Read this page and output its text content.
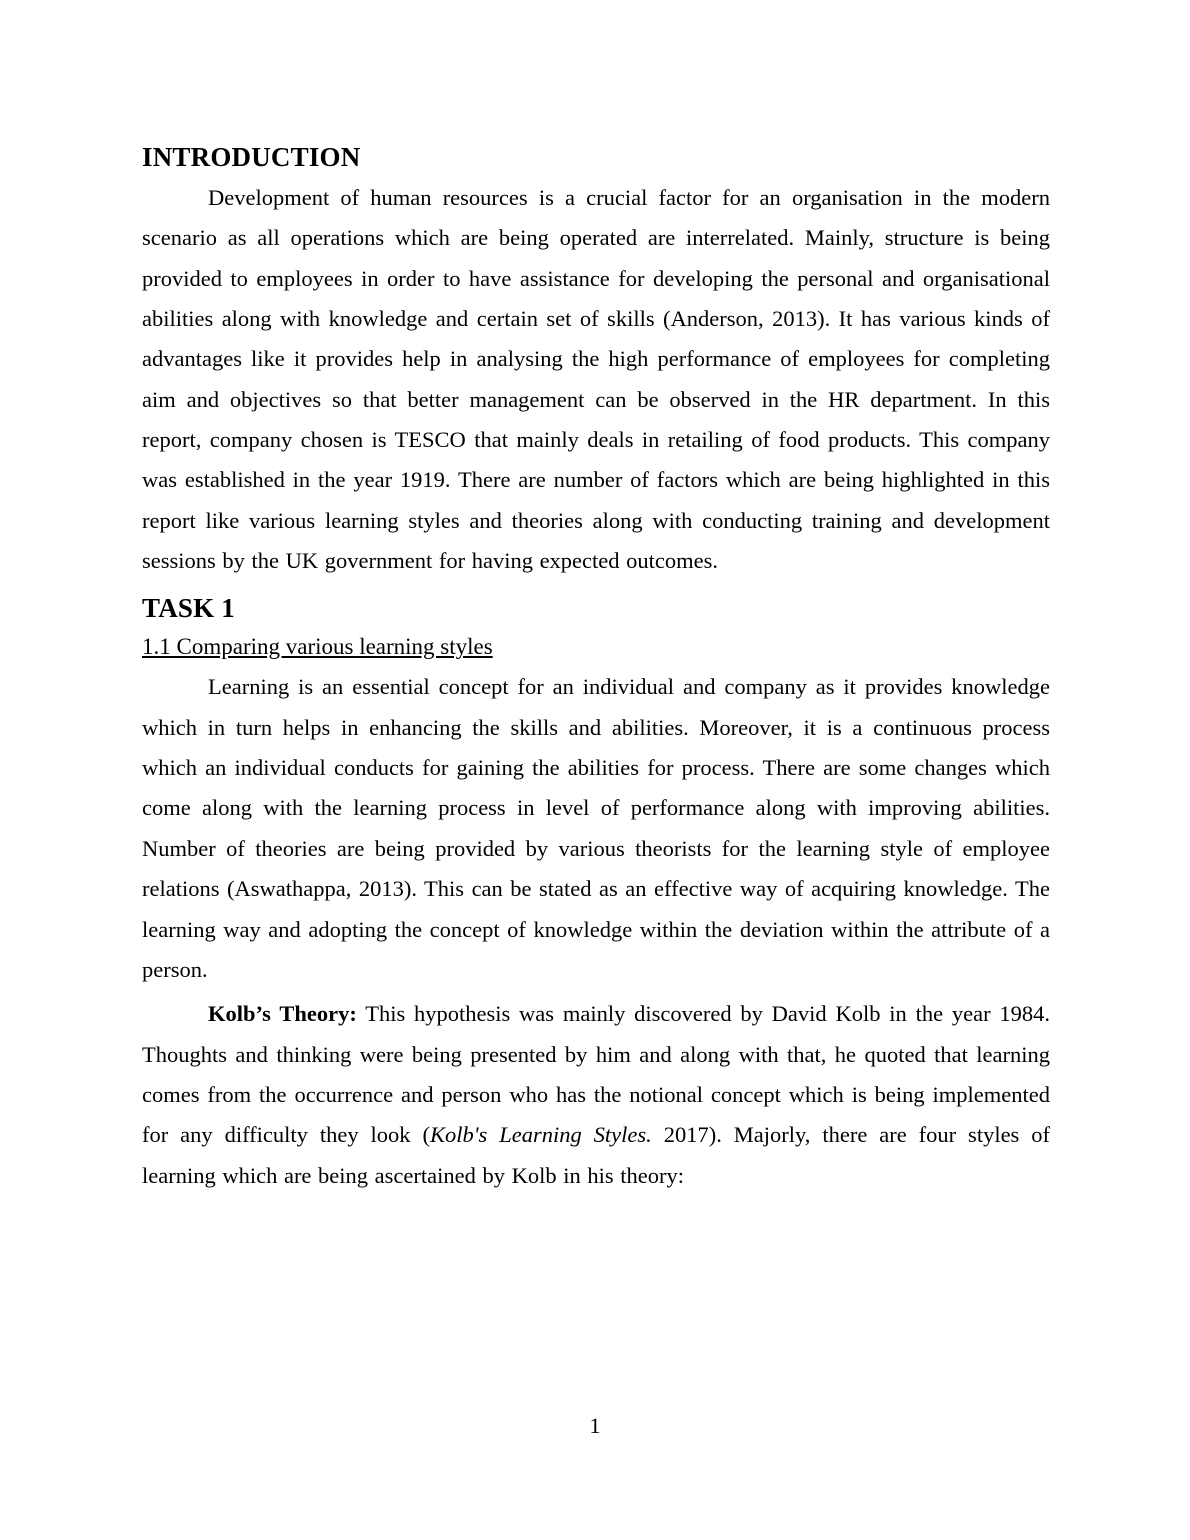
INTRODUCTION

Development of human resources is a crucial factor for an organisation in the modern scenario as all operations which are being operated are interrelated. Mainly, structure is being provided to employees in order to have assistance for developing the personal and organisational abilities along with knowledge and certain set of skills (Anderson, 2013). It has various kinds of advantages like it provides help in analysing the high performance of employees for completing aim and objectives so that better management can be observed in the HR department. In this report, company chosen is TESCO that mainly deals in retailing of food products. This company was established in the year 1919. There are number of factors which are being highlighted in this report like various learning styles and theories along with conducting training and development sessions by the UK government for having expected outcomes.

TASK 1
1.1 Comparing various learning styles

Learning is an essential concept for an individual and company as it provides knowledge which in turn helps in enhancing the skills and abilities. Moreover, it is a continuous process which an individual conducts for gaining the abilities for process. There are some changes which come along with the learning process in level of performance along with improving abilities. Number of theories are being provided by various theorists for the learning style of employee relations (Aswathappa, 2013). This can be stated as an effective way of acquiring knowledge. The learning way and adopting the concept of knowledge within the deviation within the attribute of a person.

Kolb’s Theory: This hypothesis was mainly discovered by David Kolb in the year 1984. Thoughts and thinking were being presented by him and along with that, he quoted that learning comes from the occurrence and person who has the notional concept which is being implemented for any difficulty they look (Kolb's Learning Styles. 2017). Majorly, there are four styles of learning which are being ascertained by Kolb in his theory:

1
